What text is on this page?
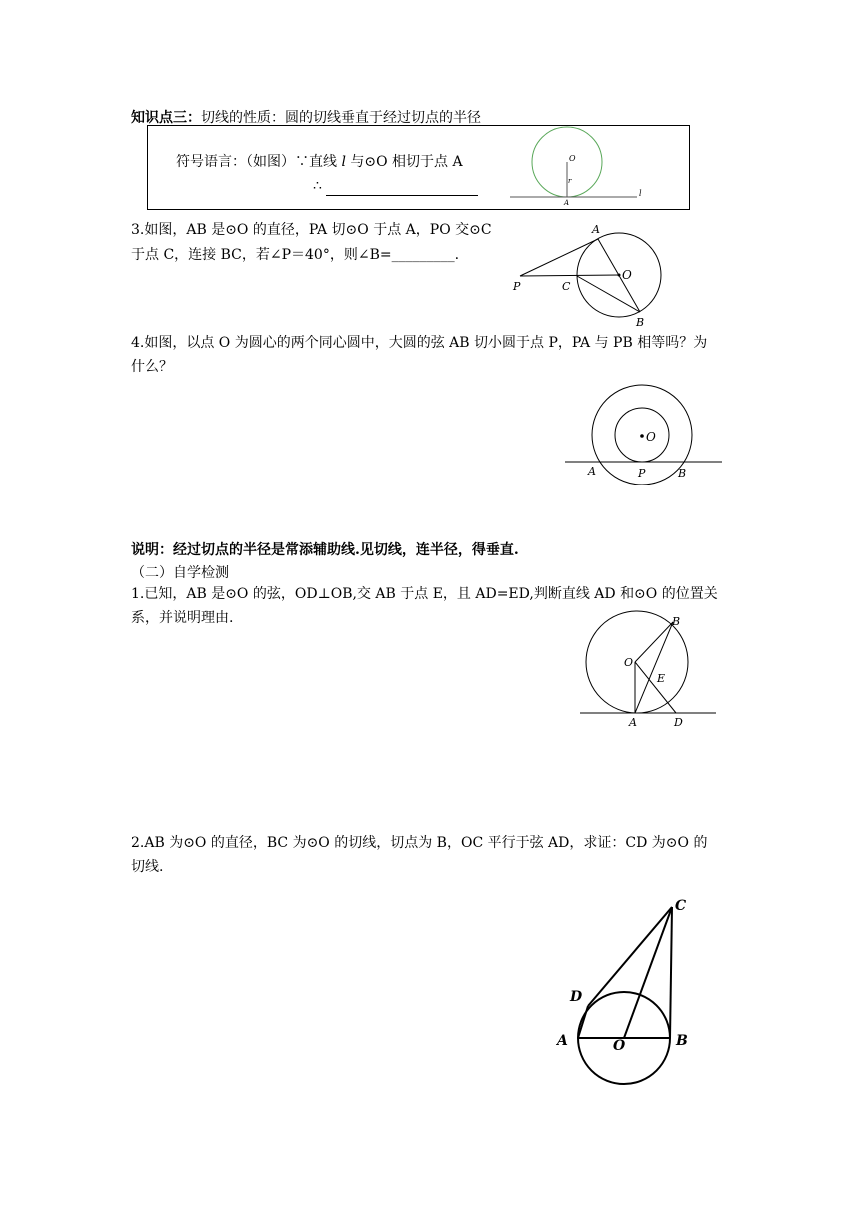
知识点三：切线的性质：圆的切线垂直于经过切点的半径
符号语言：（如图）∵直线 l 与⊙O 相切于点 A
∴
O
r
A
l
3.如图，AB 是⊙O 的直径，PA 切⊙O 于点 A，PO 交⊙C
于点 C，连接 BC，若∠P＝40°，则∠B=_________.
A
O
P	C
B
4.如图，以点 O 为圆心的两个同心圆中，大圆的弦 AB 切小圆于点 P，PA 与 PB 相等吗？为
什么？
O
A	P	B
说明：经过切点的半径是常添辅助线.见切线，连半径，得垂直.
（二）自学检测
1.已知，AB 是⊙O 的弦，OD⊥OB,交 AB 于点 E，且 AD=ED,判断直线 AD 和⊙O 的位置关
系，并说明理由.	B
O
E
A	D
2.AB 为⊙O 的直径，BC 为⊙O 的切线，切点为 B，OC 平行于弦 AD，求证：CD 为⊙O 的
切线.
C
D
A	O	B
